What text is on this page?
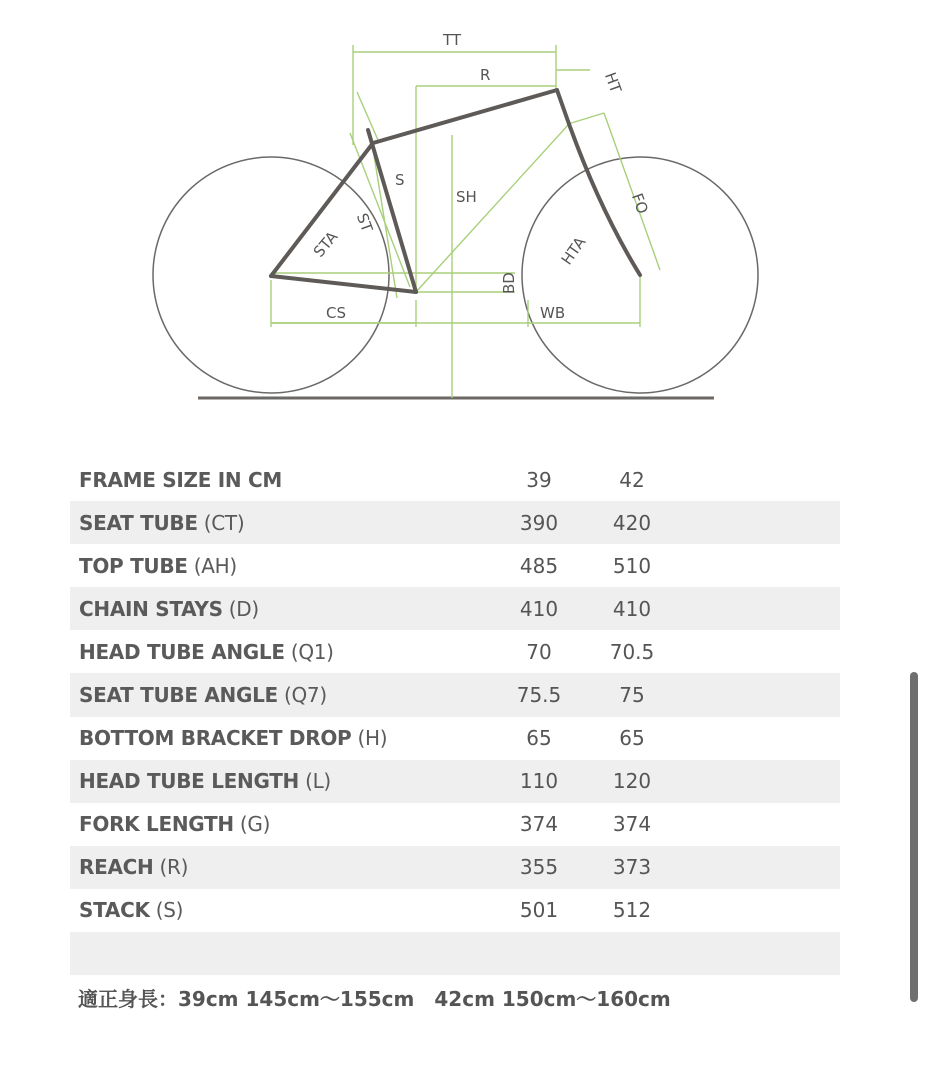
TT
R	HT
S
SH
ST
STA
FO
HTA
BD
CS	WB
FRAME SIZE IN CM	39	42
SEAT TUBE (CT)	390	420
TOP TUBE (AH)	485	510
CHAIN STAYS (D)	410	410
HEAD TUBE ANGLE (Q1)	70	70.5
SEAT TUBE ANGLE (Q7)	75.5	75
BOTTOM BRACKET DROP (H)	65	65
HEAD TUBE LENGTH (L)	110	120
FORK LENGTH (G)	374	374
REACH (R)	355	373
STACK (S)	501	512
適正身長：39cm 145cm〜155cm　42cm 150cm〜160cm
